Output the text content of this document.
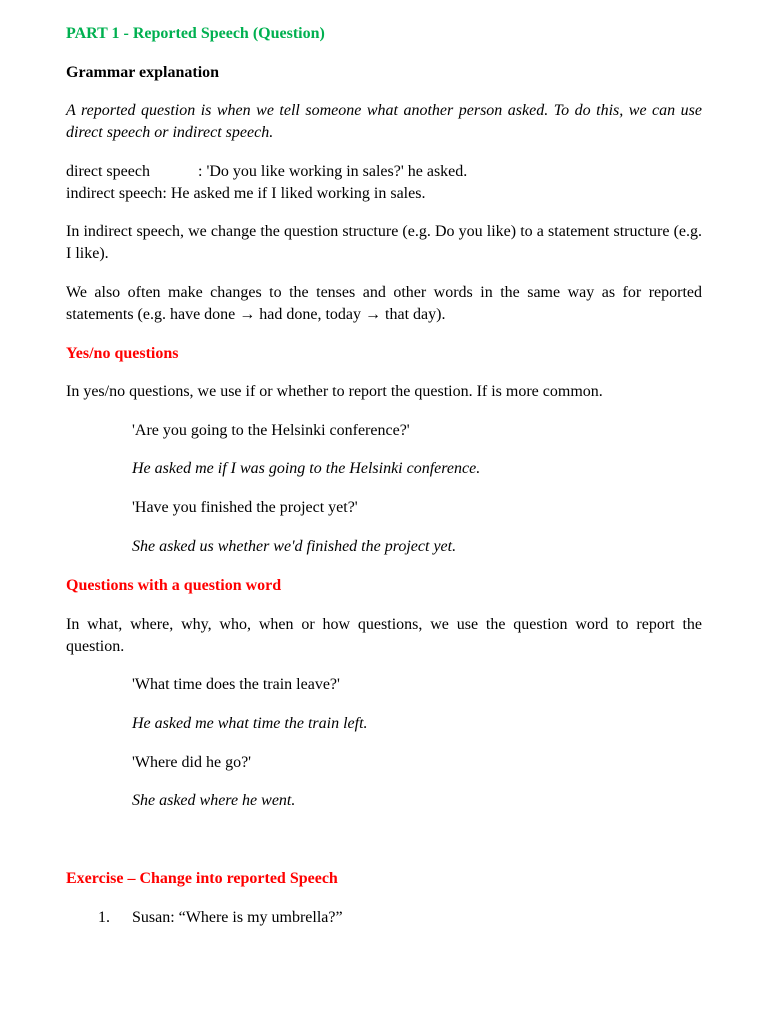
PART 1 - Reported Speech (Question)
Grammar explanation
A reported question is when we tell someone what another person asked. To do this, we can use direct speech or indirect speech.
direct speech	: 'Do you like working in sales?' he asked.
indirect speech: He asked me if I liked working in sales.
In indirect speech, we change the question structure (e.g. Do you like) to a statement structure (e.g. I like).
We also often make changes to the tenses and other words in the same way as for reported statements (e.g. have done → had done, today → that day).
Yes/no questions
In yes/no questions, we use if or whether to report the question. If is more common.
'Are you going to the Helsinki conference?'
He asked me if I was going to the Helsinki conference.
'Have you finished the project yet?'
She asked us whether we'd finished the project yet.
Questions with a question word
In what, where, why, who, when or how questions, we use the question word to report the question.
'What time does the train leave?'
He asked me what time the train left.
'Where did he go?'
She asked where he went.
Exercise – Change into reported Speech
1. Susan: “Where is my umbrella?”
